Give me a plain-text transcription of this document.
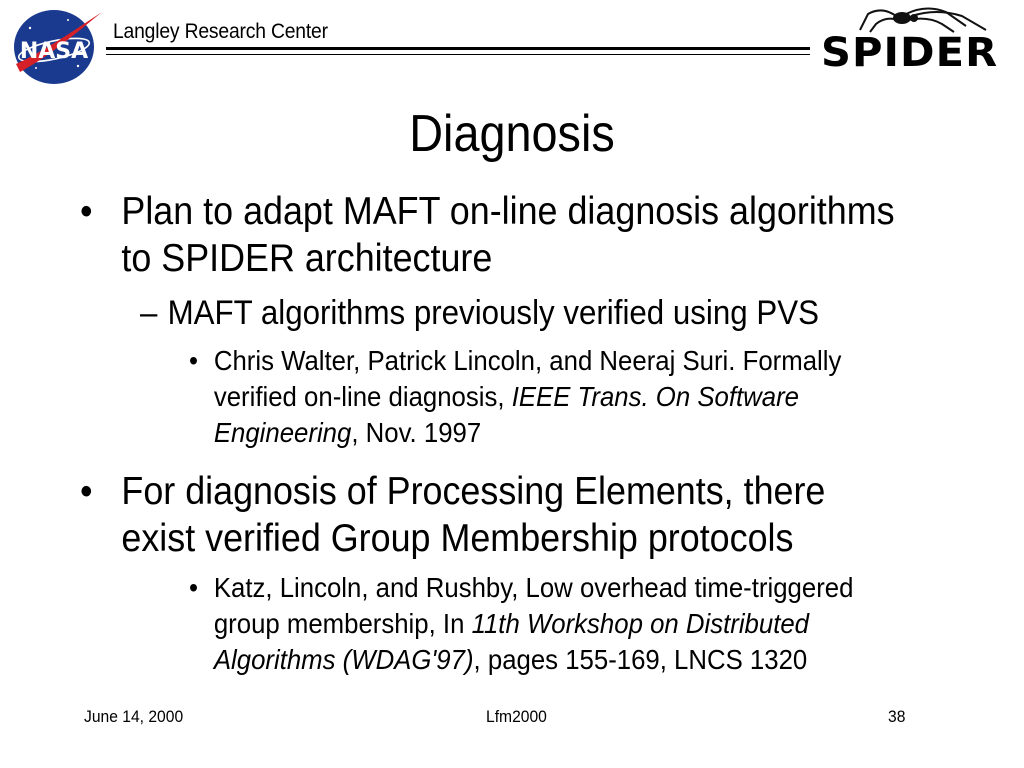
NASA
Langley Research Center	SPIDER
Diagnosis
• Plan to adapt MAFT on-line diagnosis algorithms
to SPIDER architecture
– MAFT algorithms previously verified using PVS
• Chris Walter, Patrick Lincoln, and Neeraj Suri. Formally
verified on-line diagnosis, IEEE Trans. On Software
Engineering, Nov. 1997
• For diagnosis of Processing Elements, there
exist verified Group Membership protocols
• Katz, Lincoln, and Rushby, Low overhead time-triggered
group membership, In 11th Workshop on Distributed
Algorithms (WDAG'97), pages 155-169, LNCS 1320
June 14, 2000	Lfm2000	38
